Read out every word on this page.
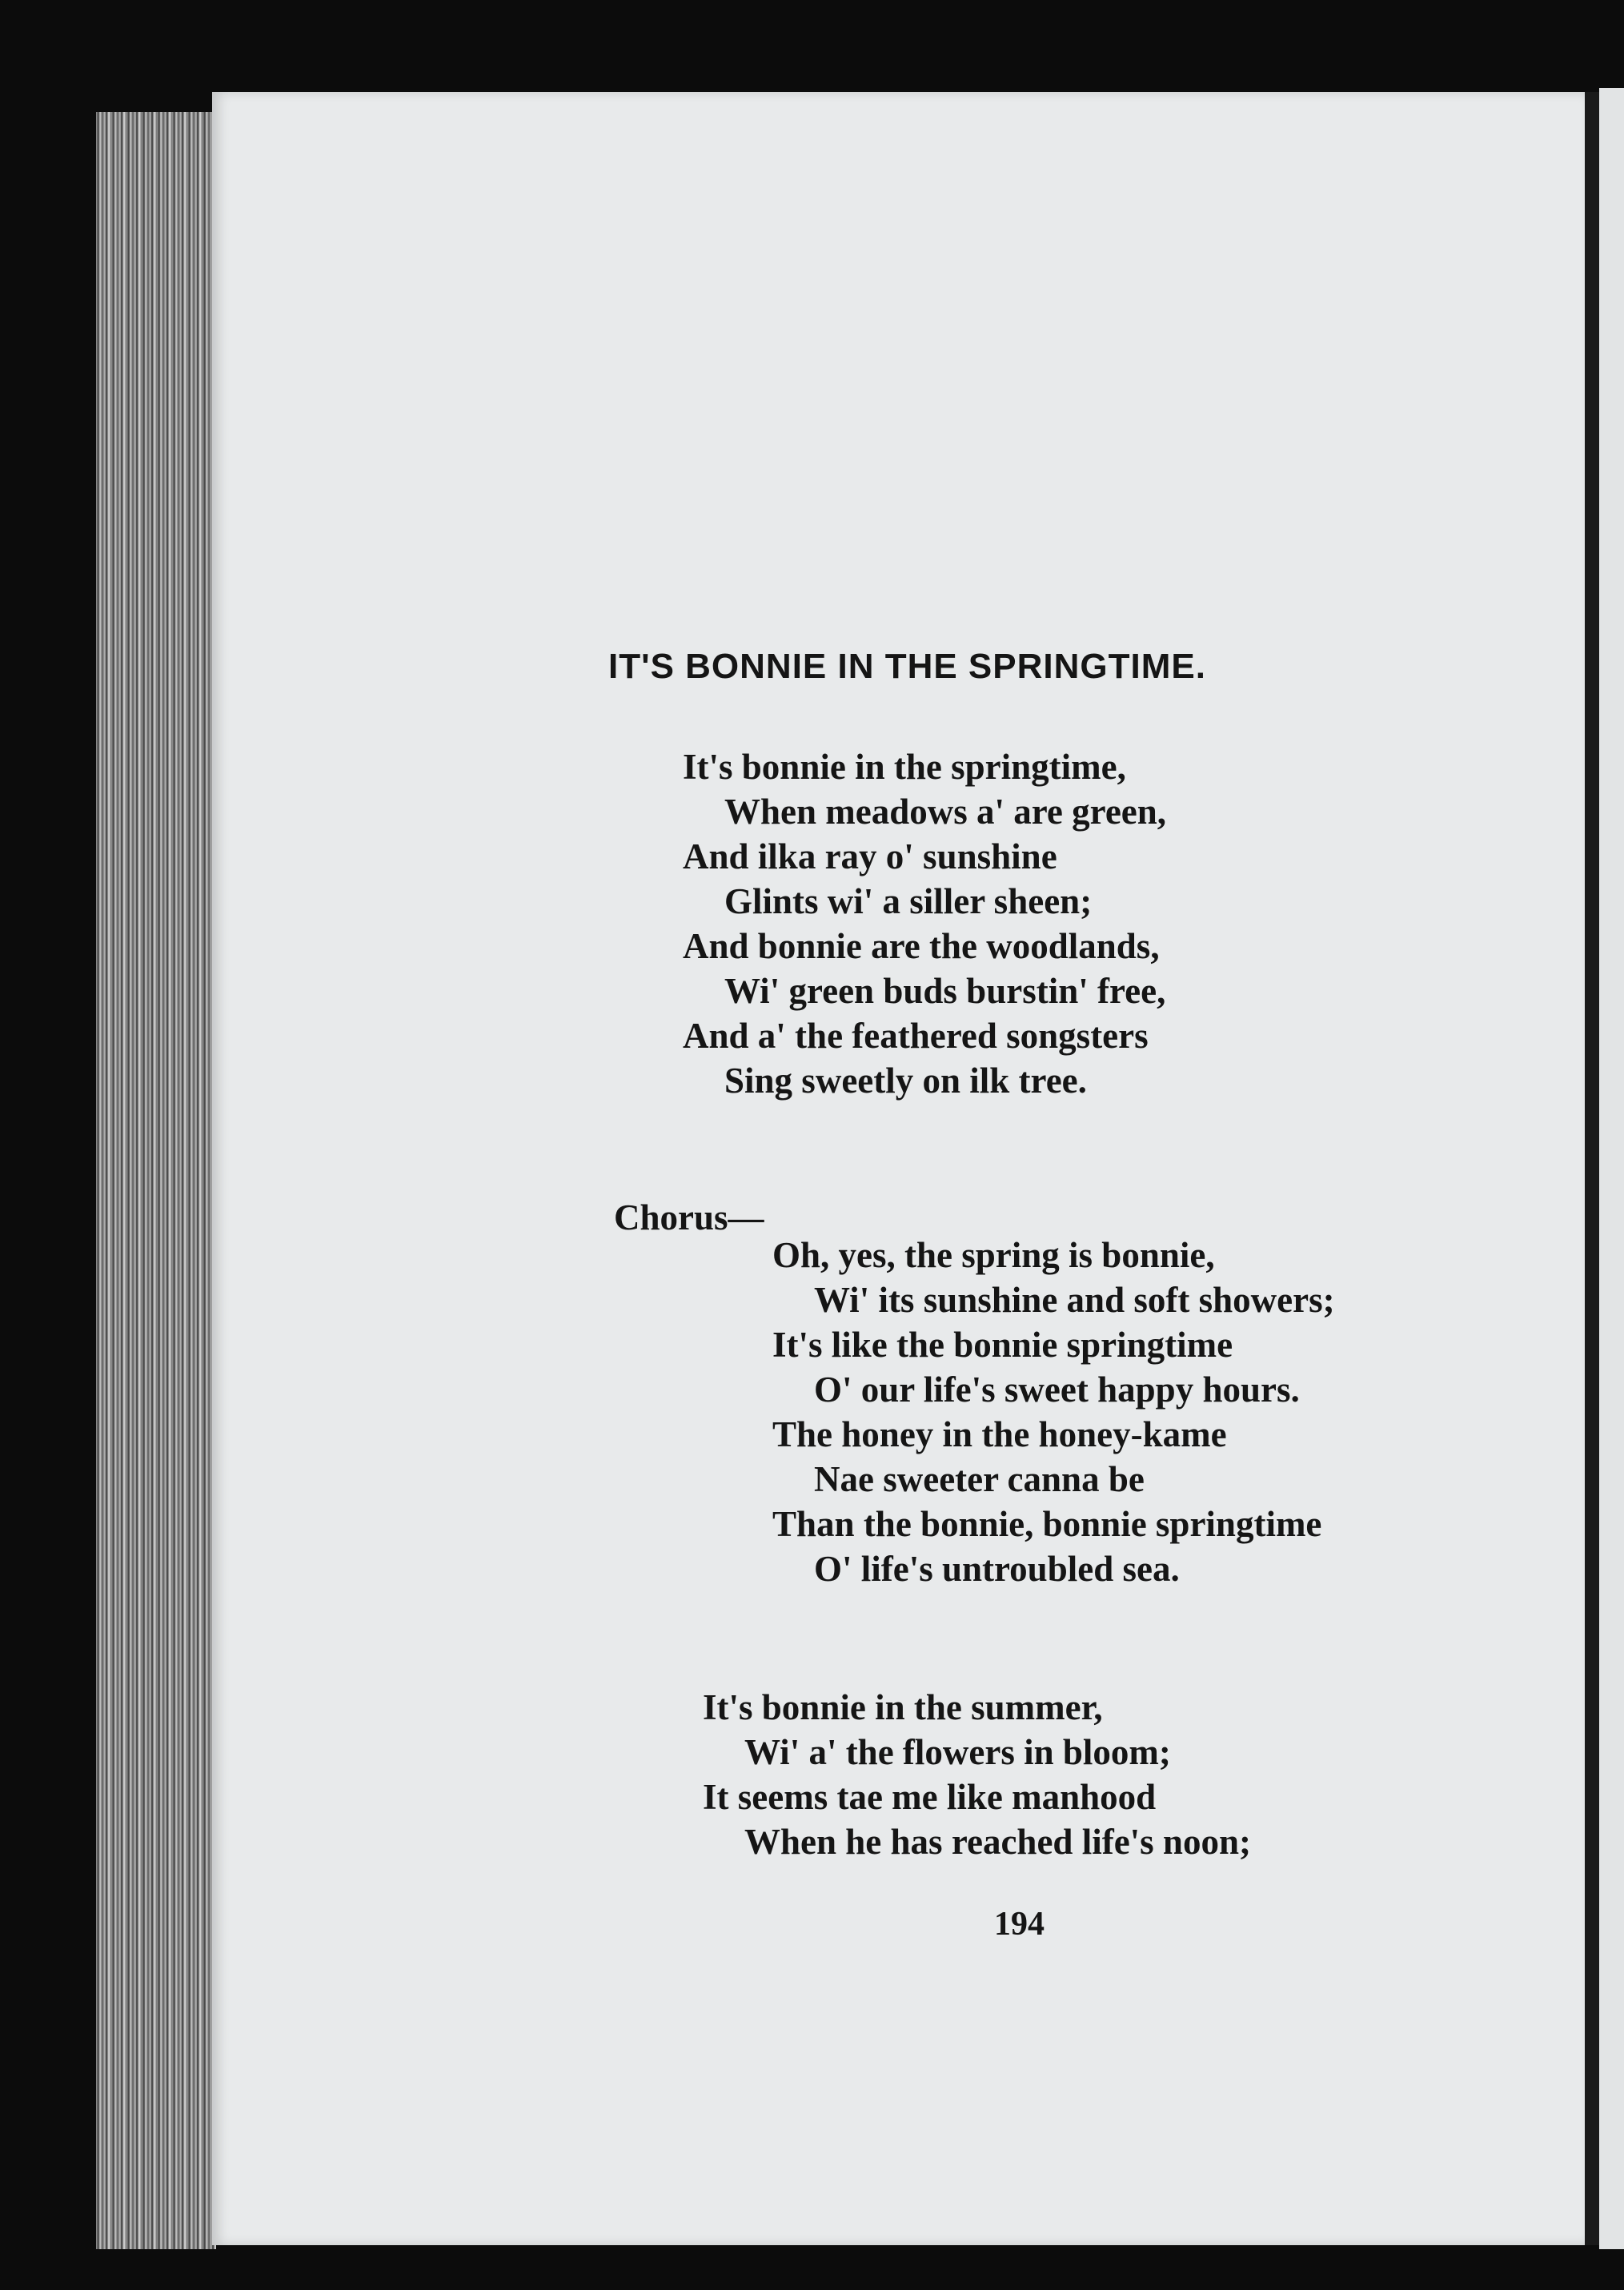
IT'S BONNIE IN THE SPRINGTIME.
It's bonnie in the springtime,
When meadows a' are green,
And ilka ray o' sunshine
Glints wi' a siller sheen;
And bonnie are the woodlands,
Wi' green buds burstin' free,
And a' the feathered songsters
Sing sweetly on ilk tree.
Chorus—
Oh, yes, the spring is bonnie,
Wi' its sunshine and soft showers;
It's like the bonnie springtime
O' our life's sweet happy hours.
The honey in the honey-kame
Nae sweeter canna be
Than the bonnie, bonnie springtime
O' life's untroubled sea.
It's bonnie in the summer,
Wi' a' the flowers in bloom;
It seems tae me like manhood
When he has reached life's noon;
194
